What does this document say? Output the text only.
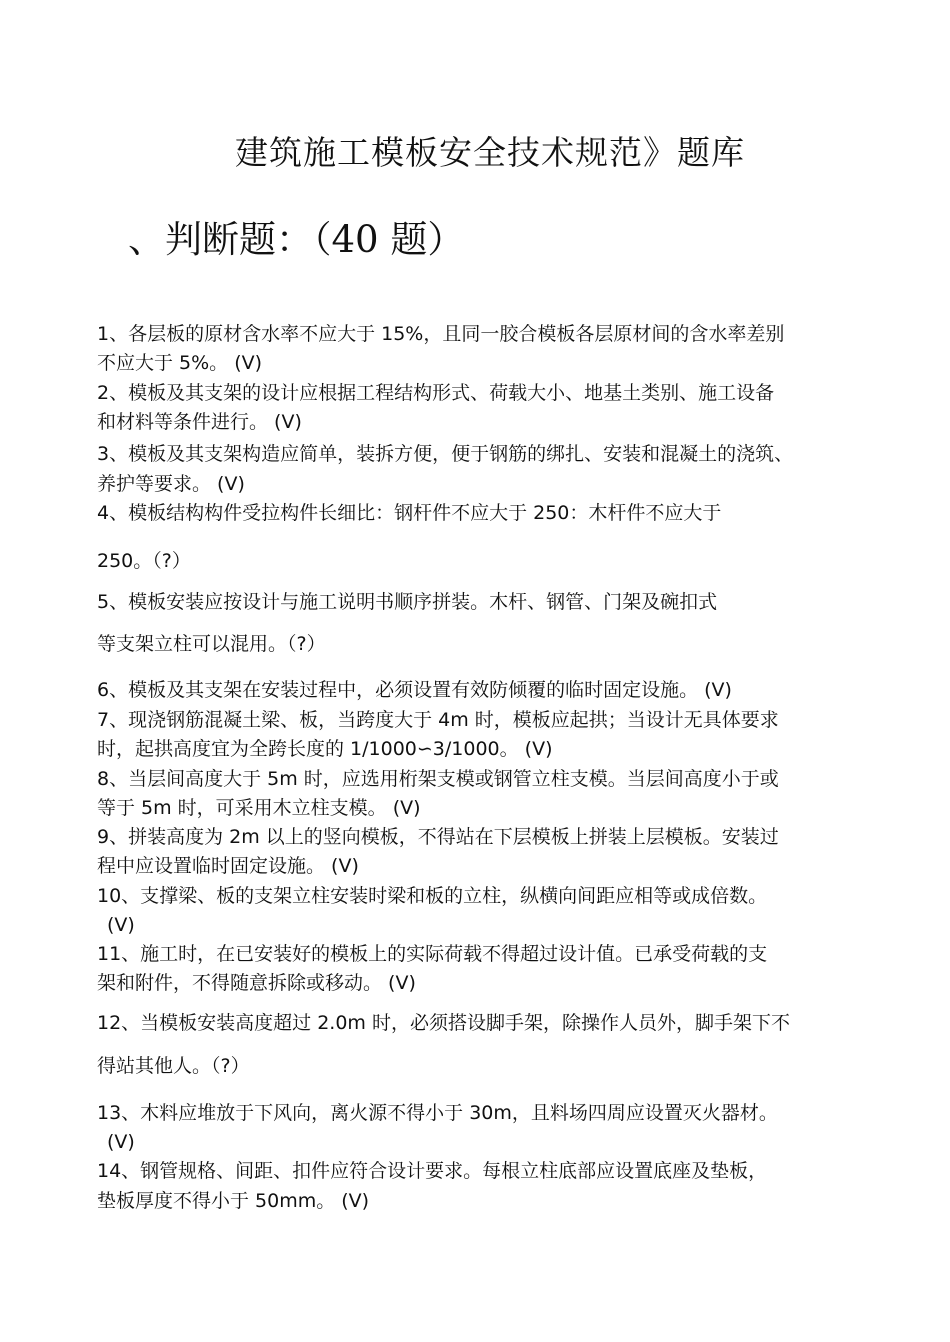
建筑施工模板安全技术规范》题库
、判断题：（40 题）
1、各层板的原材含水率不应大于 15%，且同一胶合模板各层原材间的含水率差别
不应大于 5%。 (V)
2、模板及其支架的设计应根据工程结构形式、荷载大小、地基土类别、施工设备
和材料等条件进行。 (V)
3、模板及其支架构造应简单，装拆方便，便于钢筋的绑扎、安装和混凝土的浇筑、
养护等要求。 (V)
4、模板结构构件受拉构件长细比：钢杆件不应大于 250：木杆件不应大于
250。（?）
5、模板安装应按设计与施工说明书顺序拼装。木杆、钢管、门架及碗扣式
等支架立柱可以混用。（?）
6、模板及其支架在安装过程中，必须设置有效防倾覆的临时固定设施。 (V)
7、现浇钢筋混凝土梁、板，当跨度大于 4m 时，模板应起拱；当设计无具体要求
时，起拱高度宜为全跨长度的 1/1000∽3/1000。 (V)
8、当层间高度大于 5m 时，应选用桁架支模或钢管立柱支模。当层间高度小于或
等于 5m 时，可采用木立柱支模。 (V)
9、拼装高度为 2m 以上的竖向模板，不得站在下层模板上拼装上层模板。安装过
程中应设置临时固定设施。 (V)
10、支撑梁、板的支架立柱安装时梁和板的立柱，纵横向间距应相等或成倍数。
(V)
11、施工时，在已安装好的模板上的实际荷载不得超过设计值。已承受荷载的支
架和附件，不得随意拆除或移动。 (V)
12、当模板安装高度超过 2.0m 时，必须搭设脚手架，除操作人员外，脚手架下不
得站其他人。（?）
13、木料应堆放于下风向，离火源不得小于 30m，且料场四周应设置灭火器材。
(V)
14、钢管规格、间距、扣件应符合设计要求。每根立柱底部应设置底座及垫板，
垫板厚度不得小于 50mm。 (V)
